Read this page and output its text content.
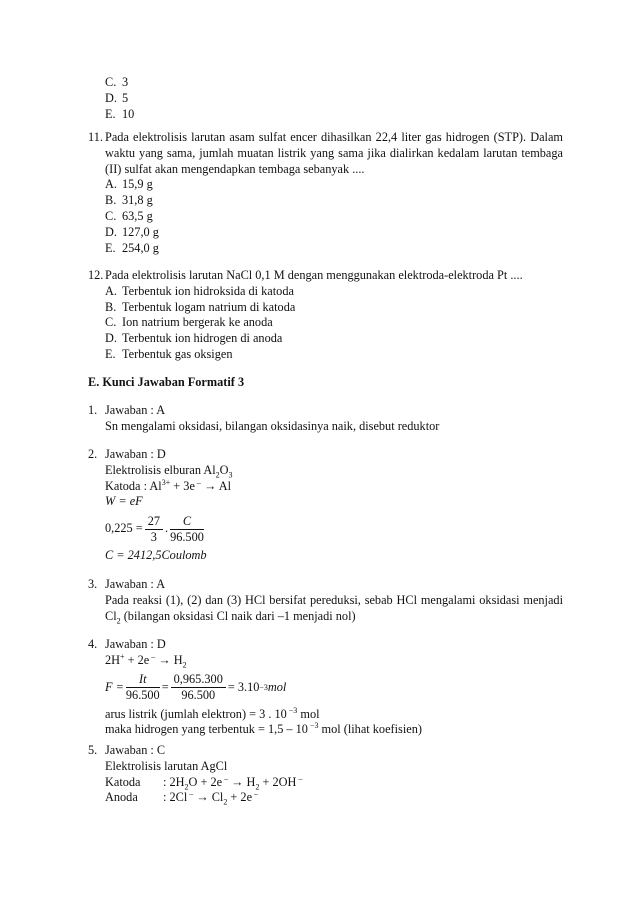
C. 3
D. 5
E. 10
11. Pada elektrolisis larutan asam sulfat encer dihasilkan 22,4 liter gas hidrogen (STP). Dalam waktu yang sama, jumlah muatan listrik yang sama jika dialirkan kedalam larutan tembaga (II) sulfat akan mengendapkan tembaga sebanyak ....
A. 15,9 g
B. 31,8 g
C. 63,5 g
D. 127,0 g
E. 254,0 g
12. Pada elektrolisis larutan NaCl 0,1 M dengan menggunakan elektroda-elektroda Pt ....
A. Terbentuk ion hidroksida di katoda
B. Terbentuk logam natrium di katoda
C. Ion natrium bergerak ke anoda
D. Terbentuk ion hidrogen di anoda
E. Terbentuk gas oksigen
E. Kunci Jawaban Formatif 3
1. Jawaban : A
Sn mengalami oksidasi, bilangan oksidasinya naik, disebut reduktor
2. Jawaban : D
Elektrolisis elburan $Al_2O_3$
Katoda : $Al^{3+} + 3e$ – → Al
W = eF
$0,225 = \frac{27}{3}$ . $\frac{C}{96.500}$
C = 2412,5Coulomb
3. Jawaban : A
Pada reaksi (1), (2) dan (3) HCl bersifat pereduksi, sebab HCl mengalami oksidasi menjadi $Cl_2$ (bilangan oksidasi Cl naik dari –1 menjadi nol)
4. Jawaban : D
2H+ + 2e $^- \to H_2$
$F = \frac{It}{96.500} = \frac{0,965.300}{96.500} = 3.10 -3$ mol
arus listrik (jumlah elektron) = 3 . 10 $^{-3}$ mol
maka hidrogen yang terbentuk = 1,5 – 10 $^{-3}$ mol (lihat koefisien)
5. Jawaban : C
Elektrolisis larutan AgCl
Katoda : $2H_2O + 2e$ $^- \to H_2 + 2OH$ –
Anoda : 2Cl $^- \to Cl_2 + 2e$ –
